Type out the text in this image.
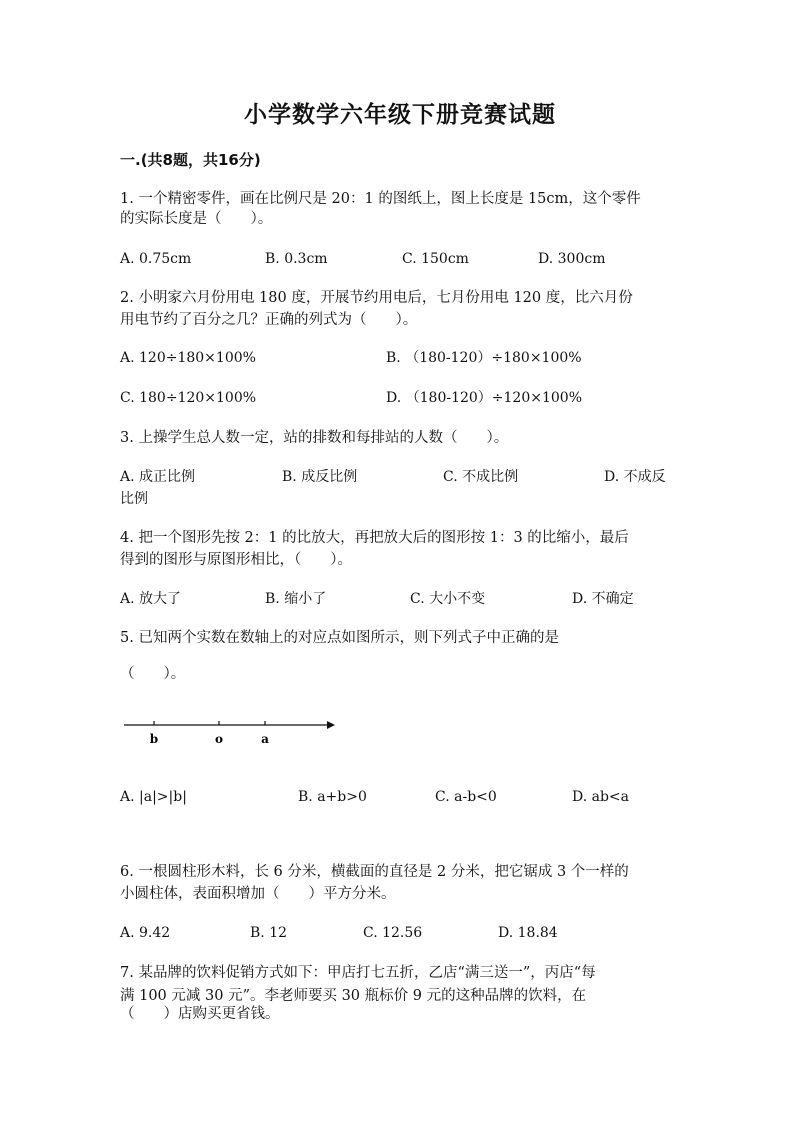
小学数学六年级下册竞赛试题
一.(共8题，共16分)
1. 一个精密零件，画在比例尺是 20：1 的图纸上，图上长度是 15cm，这个零件
的实际长度是（　　）。
A. 0.75cm	B. 0.3cm	C. 150cm	D. 300cm
2. 小明家六月份用电 180 度，开展节约用电后，七月份用电 120 度，比六月份
用电节约了百分之几？正确的列式为（　　）。
A. 120÷180×100%	B. （180-120）÷180×100%
C. 180÷120×100%	D. （180-120）÷120×100%
3. 上操学生总人数一定，站的排数和每排站的人数（　　）。
A. 成正比例	B. 成反比例	C. 不成比例	D. 不成反
比例
4. 把一个图形先按 2：1 的比放大，再把放大后的图形按 1：3 的比缩小，最后
得到的图形与原图形相比，（　　）。
A. 放大了	B. 缩小了	C. 大小不变	D. 不确定
5. 已知两个实数在数轴上的对应点如图所示，则下列式子中正确的是
（　　）。
b	o	a
A. |a|>|b|	B. a+b>0	C. a-b<0	D. ab<a
6. 一根圆柱形木料，长 6 分米，横截面的直径是 2 分米，把它锯成 3 个一样的
小圆柱体，表面积增加（　　）平方分米。
A. 9.42	B. 12	C. 12.56	D. 18.84
7. 某品牌的饮料促销方式如下：甲店打七五折，乙店“满三送一”，丙店“每
满 100 元减 30 元”。李老师要买 30 瓶标价 9 元的这种品牌的饮料，在
（　　）店购买更省钱。
